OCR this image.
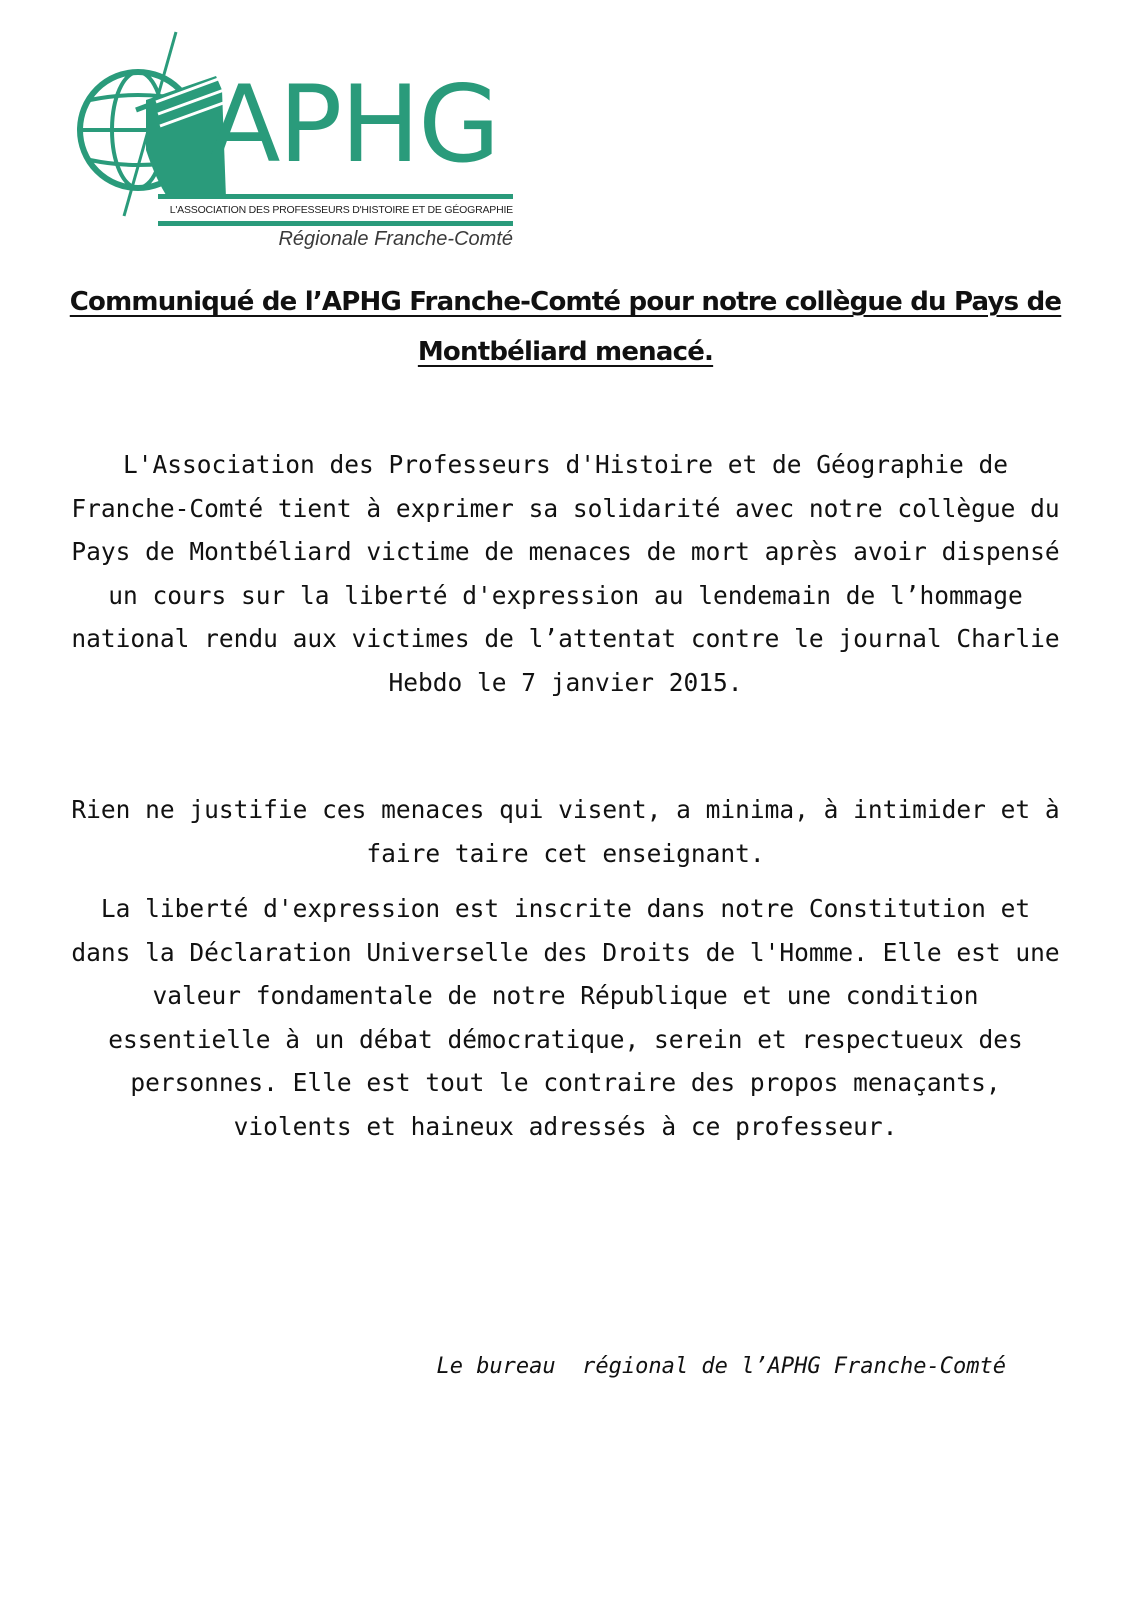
APHG
L'ASSOCIATION DES PROFESSEURS D'HISTOIRE ET DE GÉOGRAPHIE
Régionale Franche-Comté
Communiqué de l’APHG Franche-Comté pour notre collègue du Pays de Montbéliard menacé.

L'Association des Professeurs d'Histoire et de Géographie de Franche-Comté tient à exprimer sa solidarité avec notre collègue du Pays de Montbéliard victime de menaces de mort après avoir dispensé un cours sur la liberté d'expression au lendemain de l’hommage national rendu aux victimes de l’attentat contre le journal Charlie Hebdo le 7 janvier 2015.

Rien ne justifie ces menaces qui visent, a minima, à intimider et à faire taire cet enseignant.

La liberté d'expression est inscrite dans notre Constitution et dans la Déclaration Universelle des Droits de l'Homme. Elle est une valeur fondamentale de notre République et une condition essentielle à un débat démocratique, serein et respectueux des personnes. Elle est tout le contraire des propos menaçants, violents et haineux adressés à ce professeur.

Le bureau  régional de l’APHG Franche-Comté
